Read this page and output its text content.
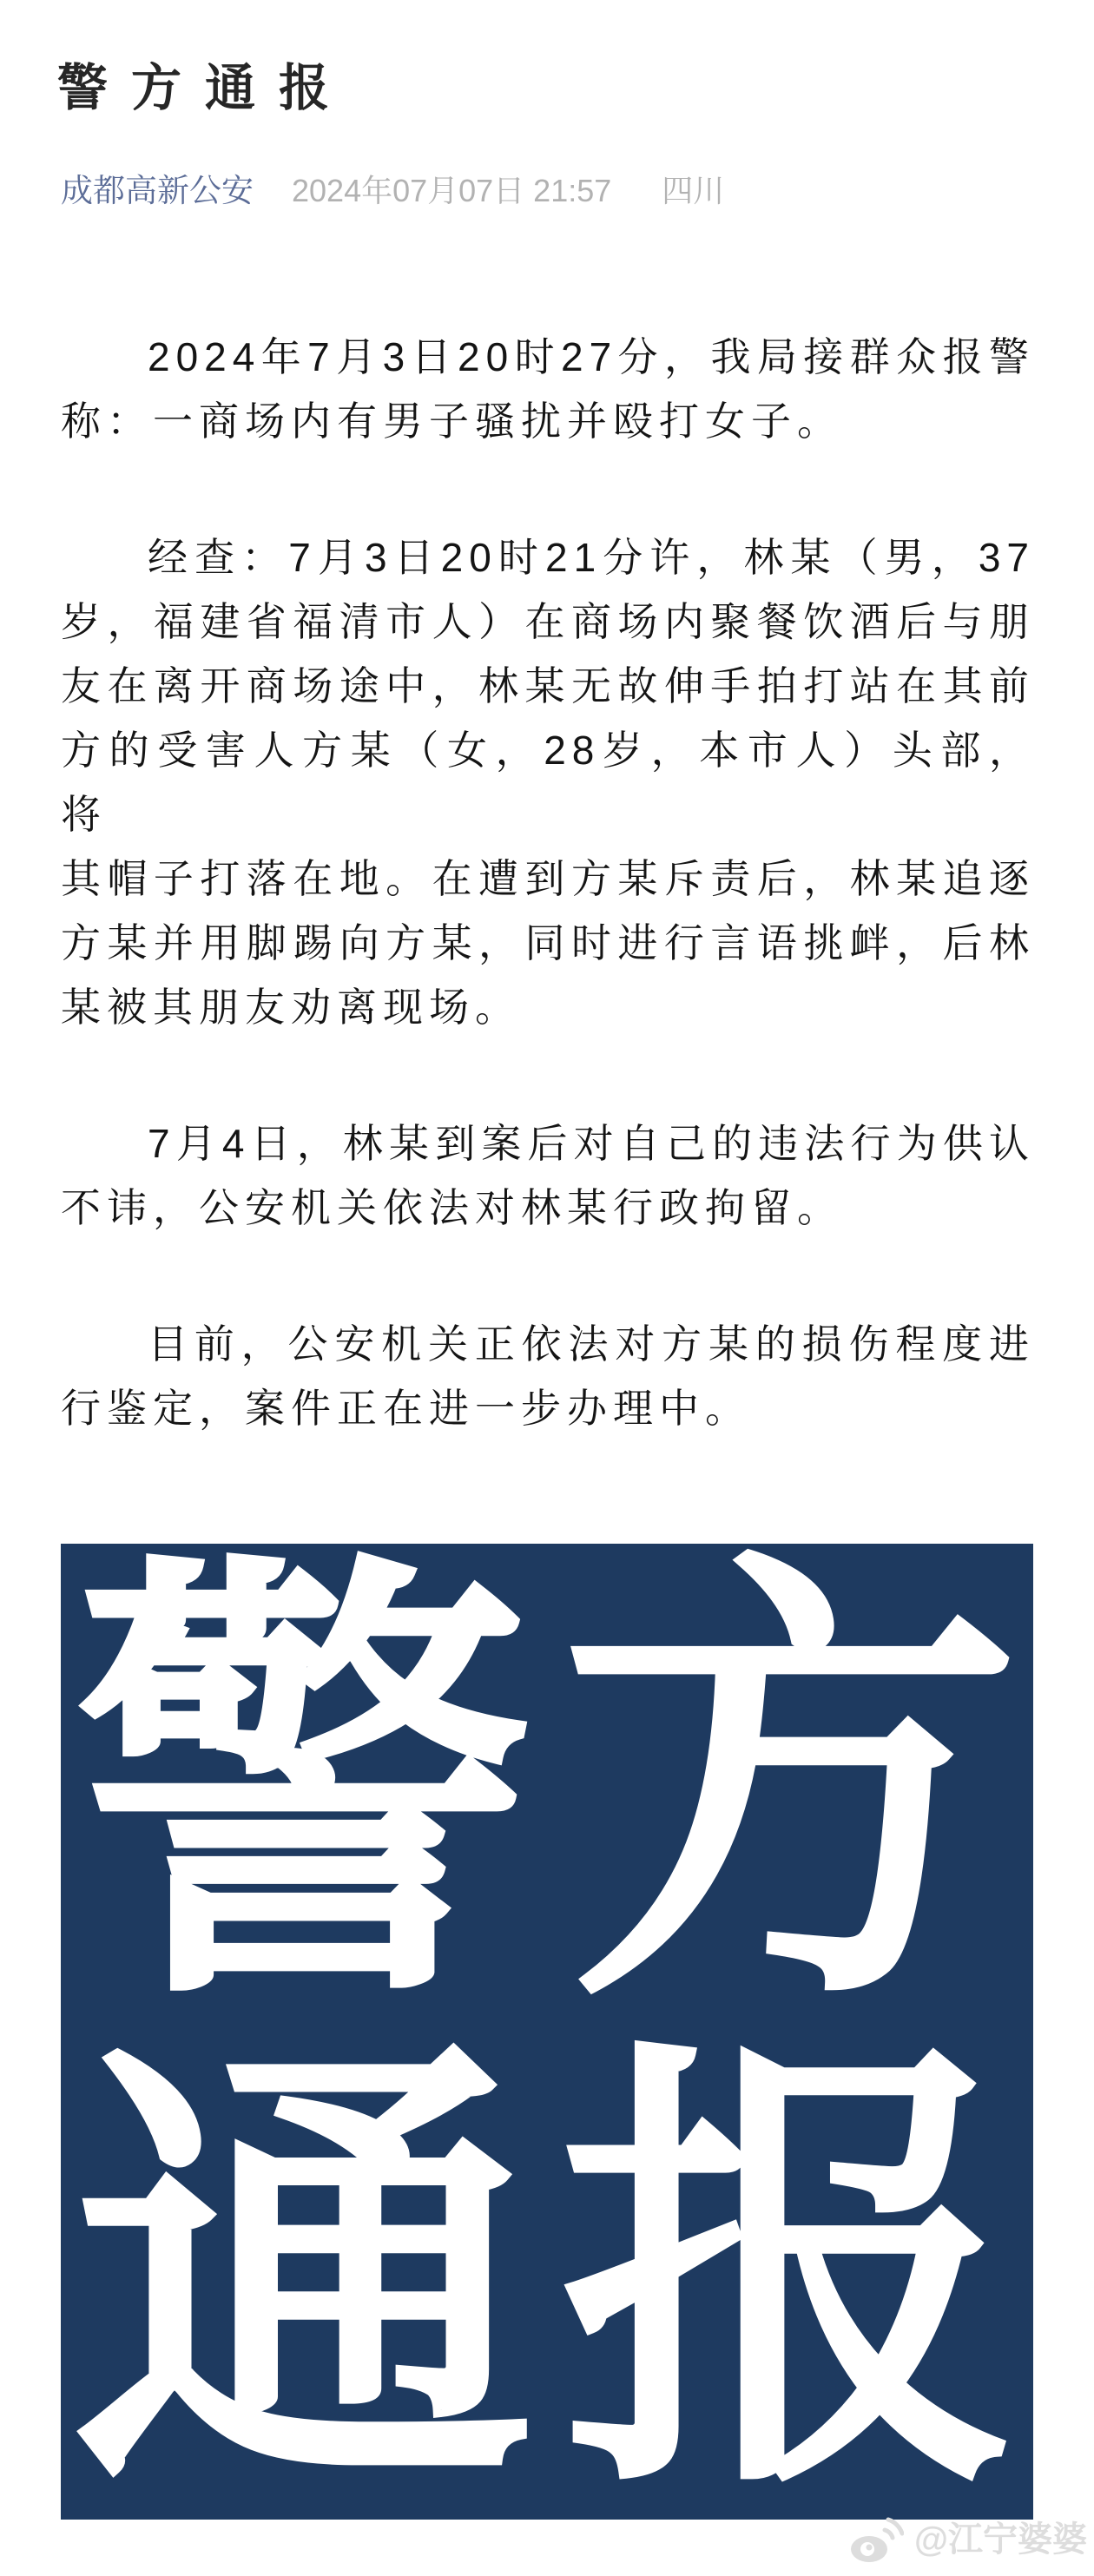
警方通报
成都高新公安 2024年07月07日 21:57 四川
2024年7月3日20时27分，我局接群众报警
称：一商场内有男子骚扰并殴打女子。
经查：7月3日20时21分许，林某（男，37
岁，福建省福清市人）在商场内聚餐饮酒后与朋
友在离开商场途中，林某无故伸手拍打站在其前
方的受害人方某（女，28岁，本市人）头部，将
其帽子打落在地。在遭到方某斥责后，林某追逐
方某并用脚踢向方某，同时进行言语挑衅，后林
某被其朋友劝离现场。
7月4日，林某到案后对自己的违法行为供认
不讳，公安机关依法对林某行政拘留。
目前，公安机关正依法对方某的损伤程度进
行鉴定，案件正在进一步办理中。
警 方
通 报
@江宁婆婆
